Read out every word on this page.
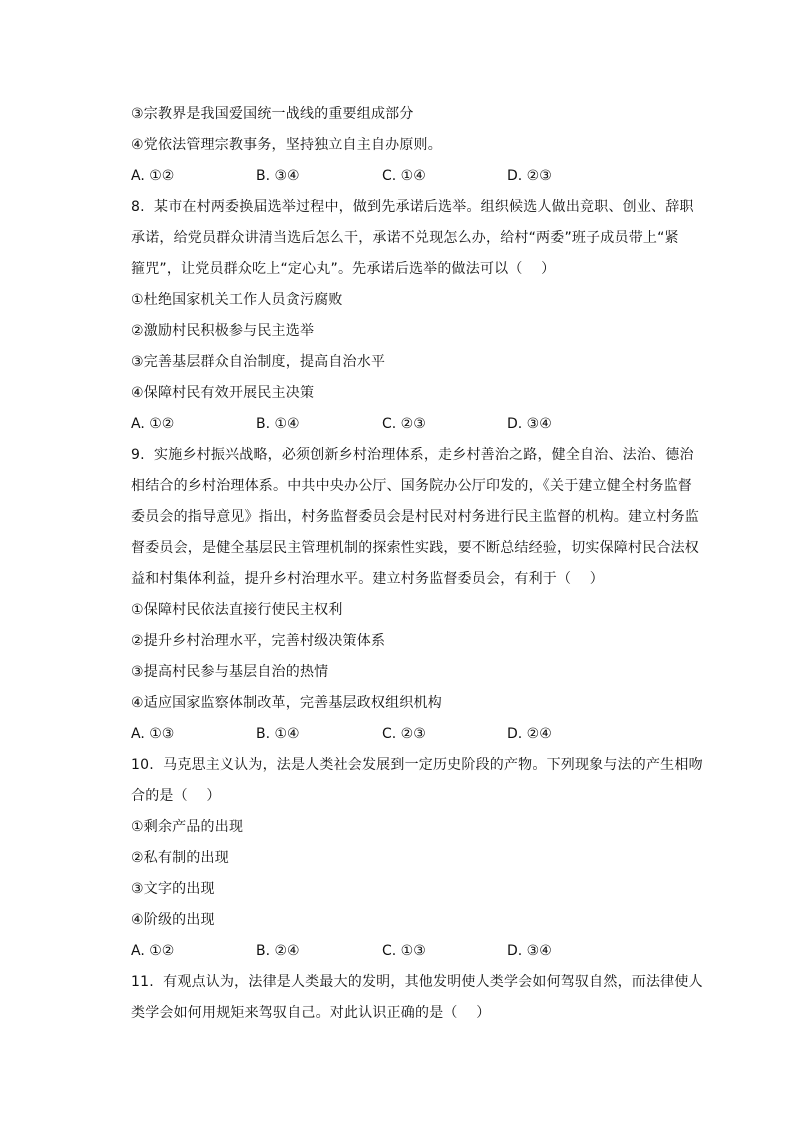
③宗教界是我国爱国统一战线的重要组成部分
④党依法管理宗教事务，坚持独立自主自办原则。
A. ①②	B. ③④	C. ①④	D. ②③
8.  某市在村两委换届选举过程中，做到先承诺后选举。组织候选人做出竞职、创业、辞职
承诺，给党员群众讲清当选后怎么干，承诺不兑现怎么办，给村“两委”班子成员带上“紧
箍咒”，让党员群众吃上“定心丸”。先承诺后选举的做法可以（    ）
①杜绝国家机关工作人员贪污腐败
②激励村民积极参与民主选举
③完善基层群众自治制度，提高自治水平
④保障村民有效开展民主决策
A. ①②	B. ①④	C. ②③	D. ③④
9.  实施乡村振兴战略，必须创新乡村治理体系，走乡村善治之路，健全自治、法治、德治
相结合的乡村治理体系。中共中央办公厅、国务院办公厅印发的，《关于建立健全村务监督
委员会的指导意见》指出，村务监督委员会是村民对村务进行民主监督的机构。建立村务监
督委员会，是健全基层民主管理机制的探索性实践，要不断总结经验，切实保障村民合法权
益和村集体利益，提升乡村治理水平。建立村务监督委员会，有利于（    ）
①保障村民依法直接行使民主权利
②提升乡村治理水平，完善村级决策体系
③提高村民参与基层自治的热情
④适应国家监察体制改革，完善基层政权组织机构
A. ①③	B. ①④	C. ②③	D. ②④
10.  马克思主义认为，法是人类社会发展到一定历史阶段的产物。下列现象与法的产生相吻
合的是（    ）
①剩余产品的出现
②私有制的出现
③文字的出现
④阶级的出现
A. ①②	B. ②④	C. ①③	D. ③④
11.  有观点认为，法律是人类最大的发明，其他发明使人类学会如何驾驭自然，而法律使人
类学会如何用规矩来驾驭自己。对此认识正确的是（    ）
